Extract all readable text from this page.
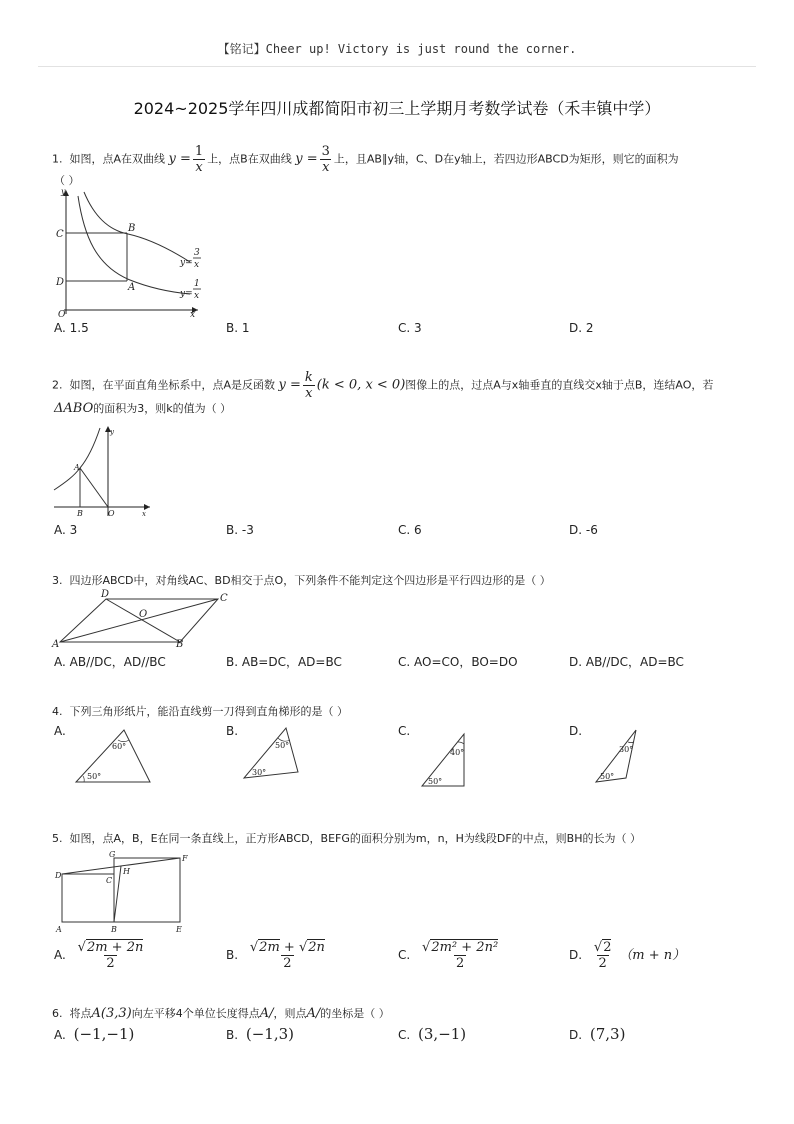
【铭记】Cheer up! Victory is just round the corner.
2024~2025学年四川成都简阳市初三上学期月考数学试卷（禾丰镇中学）
1. 如图，点A在双曲线 $y = \frac{1}{x}$ 上，点B在双曲线 $y = \frac{3}{x}$ 上，且AB∥y轴，C、D在y轴上，若四边形ABCD为矩形，则它的面积为
（ ）
y
x
O
C
D
B
A
y=
3
x
y=
1
x
A. 1.5	B. 1	C. 3	D. 2
2. 如图，在平面直角坐标系中，点A是反函数 $y = \frac{k}{x} (k < 0$, x < 0)图像上的点，过点A与x轴垂直的直线交x轴于点B，连结AO，若
ΔABO的面积为3，则k的值为（ ）
A
B	O
y
x
A. 3	B. -3	C. 6	D. -6
3. 四边形ABCD中，对角线AC、BD相交于点O，下列条件不能判定这个四边形是平行四边形的是（ ）
A	B
C
D
O
A. AB//DC，AD//BC	B. AB=DC，AD=BC	C. AO=CO，BO=DO	D. AB//DC，AD=BC
4. 下列三角形纸片，能沿直线剪一刀得到直角梯形的是（ ）
A.
60°
50°
B.
50°
30°
C.
40°
50°
D.
30°
50°
5. 如图，点A，B，E在同一条直线上，正方形ABCD，BEFG的面积分别为m，n，H为线段DF的中点，则BH的长为（ ）
A	B
C
D
E
F
G
H
A. $\frac{√2m + 2n}{2}$	B. $\frac{√2m + √2n}{2}$	C. $\frac{\text{√2m² + 2n²}}{2}$	D. $\frac{√2}{2} (m + n)$
6. 将点A(3,3)向左平移4个单位长度得点A/，则点A/的坐标是（ ）
A. (−1,−1)	B. (−1,3)	C. (3,−1)	D. (7,3)
